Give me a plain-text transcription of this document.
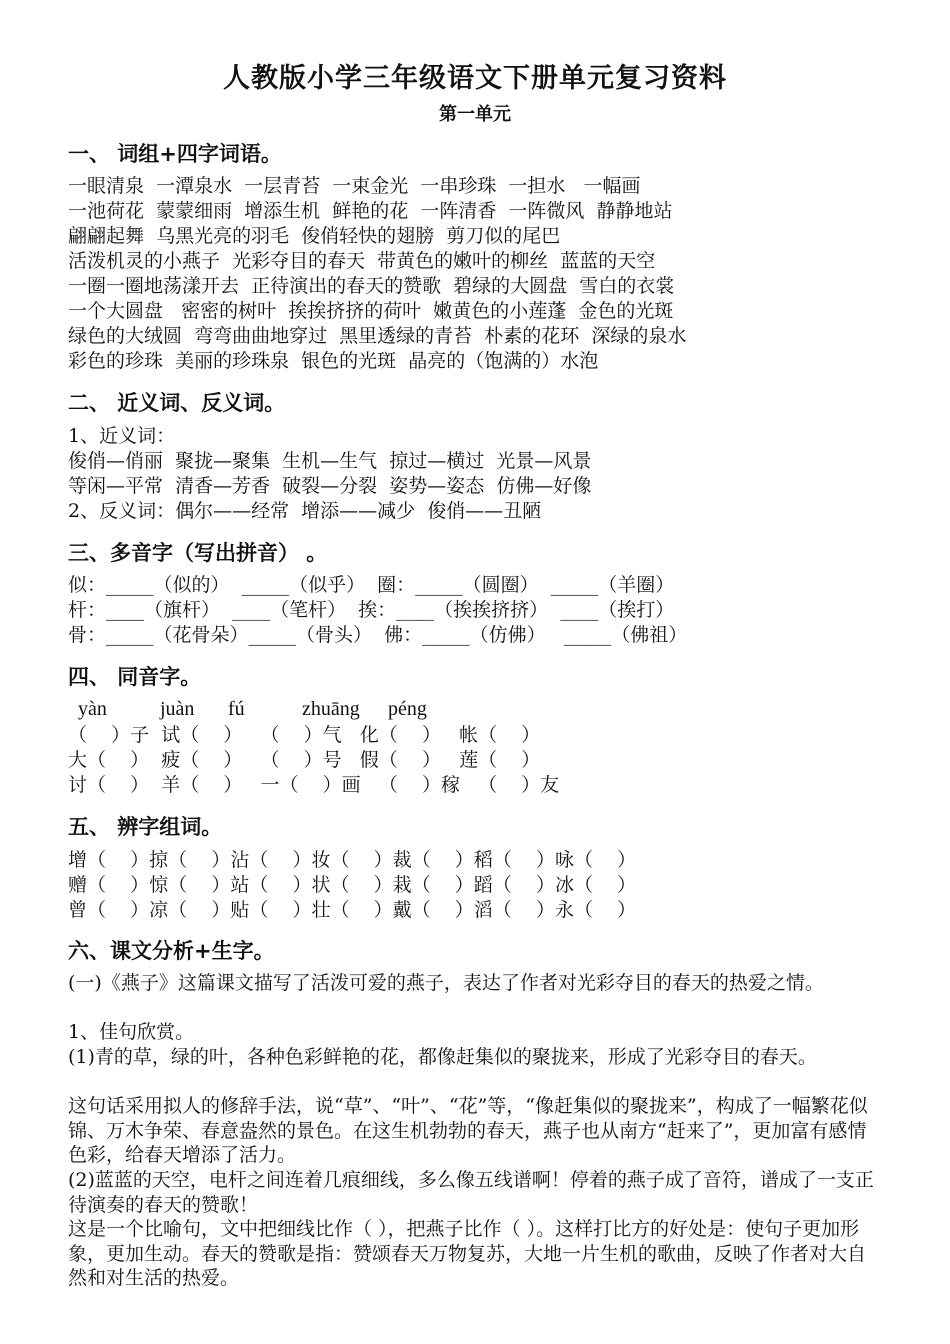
人教版小学三年级语文下册单元复习资料
第一单元
一、 词组+四字词语。
一眼清泉  一潭泉水  一层青苔  一束金光  一串珍珠  一担水   一幅画
一池荷花  蒙蒙细雨  增添生机  鲜艳的花  一阵清香  一阵微风  静静地站
翩翩起舞  乌黑光亮的羽毛  俊俏轻快的翅膀  剪刀似的尾巴
活泼机灵的小燕子  光彩夺目的春天  带黄色的嫩叶的柳丝  蓝蓝的天空
一圈一圈地荡漾开去  正待演出的春天的赞歌  碧绿的大圆盘  雪白的衣裳
一个大圆盘   密密的树叶  挨挨挤挤的荷叶  嫩黄色的小莲蓬  金色的光斑
绿色的大绒圆  弯弯曲曲地穿过  黑里透绿的青苔  朴素的花环  深绿的泉水
彩色的珍珠  美丽的珍珠泉  银色的光斑  晶亮的（饱满的）水泡
二、 近义词、反义词。
1、近义词：
俊俏—俏丽  聚拢—聚集  生机—生气  掠过—横过  光景—风景
等闲—平常  清香—芳香  破裂—分裂  姿势—姿态  仿佛—好像
2、反义词：偶尔——经常  增添——减少  俊俏——丑陋
三、多音字（写出拼音） 。
似：_____（似的）  _____（似乎）  圈：_____（圆圈）  _____（羊圈）
杆：____（旗杆）  ____（笔杆）  挨：____（挨挨挤挤）  ____（挨打）
骨：_____（花骨朵）_____（骨头）  佛：_____（仿佛）   _____（佛祖）
四、 同音字。
yàn	juàn fú	zhuāng péng
（    ）子  试（    ）   （    ）气   化（    ）   帐（    ）
大（    ）  疲（    ）   （    ）号   假（    ）   莲（    ）
讨（    ）  羊（    ）   一（    ）画   （    ）稼   （    ）友
五、 辨字组词。
增（    ）掠（    ）沾（    ）妆（    ）裁（    ）稻（    ）咏（    ）
赠（    ）惊（    ）站（    ）状（    ）栽（    ）蹈（    ）冰（    ）
曾（    ）凉（    ）贴（    ）壮（    ）戴（    ）滔（    ）永（    ）
六、课文分析+生字。
(一)《燕子》这篇课文描写了活泼可爱的燕子，表达了作者对光彩夺目的春天的热爱之情。
1、佳句欣赏。
(1)青的草，绿的叶，各种色彩鲜艳的花，都像赶集似的聚拢来，形成了光彩夺目的春天。
这句话采用拟人的修辞手法，说“草”、“叶”、“花”等，“像赶集似的聚拢来”，构成了一幅繁花似锦、万木争荣、春意盎然的景色。在这生机勃勃的春天，燕子也从南方“赶来了”，更加富有感情色彩，给春天增添了活力。
(2)蓝蓝的天空，电杆之间连着几痕细线，多么像五线谱啊！停着的燕子成了音符，谱成了一支正待演奏的春天的赞歌！
这是一个比喻句，文中把细线比作（ ），把燕子比作（ ）。这样打比方的好处是：使句子更加形象，更加生动。春天的赞歌是指：赞颂春天万物复苏，大地一片生机的歌曲，反映了作者对大自然和对生活的热爱。
